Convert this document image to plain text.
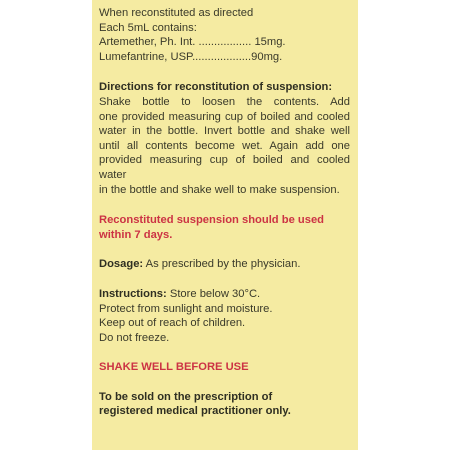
When reconstituted as directed
Each 5mL contains:
Artemether, Ph. Int. ................. 15mg.
Lumefantrine, USP...................90mg.
Directions for reconstitution of suspension:
Shake bottle to loosen the contents. Add
one provided measuring cup of boiled and cooled
water in the bottle. Invert bottle and shake well
until all contents become wet. Again add one
provided measuring cup of boiled and cooled water
in the bottle and shake well to make suspension.
Reconstituted suspension should be used
within 7 days.
Dosage: As prescribed by the physician.
Instructions: Store below 30°C.
Protect from sunlight and moisture.
Keep out of reach of children.
Do not freeze.
SHAKE WELL BEFORE USE
To be sold on the prescription of
registered medical practitioner only.
